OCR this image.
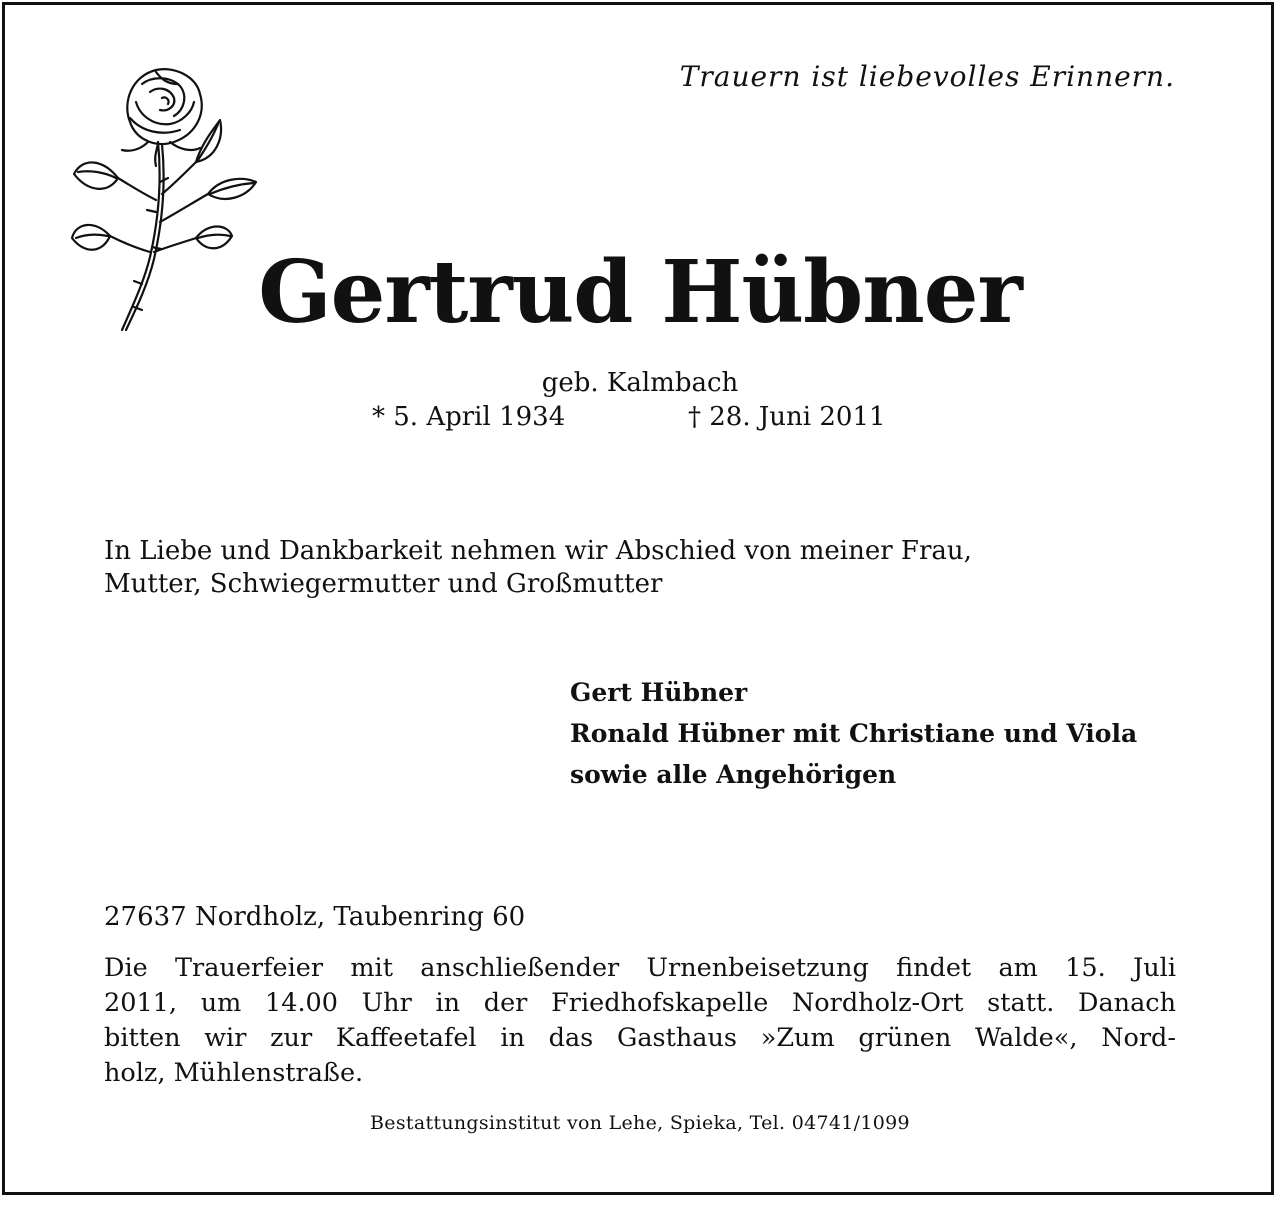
Trauern ist liebevolles Erinnern.
Gertrud Hübner
geb. Kalmbach
* 5. April 1934	† 28. Juni 2011

In Liebe und Dankbarkeit nehmen wir Abschied von meiner Frau,

Mutter, Schwiegermutter und Großmutter

Gert Hübner

Ronald Hübner mit Christiane und Viola

sowie alle Angehörigen

27637 Nordholz, Taubenring 60

Die Trauerfeier mit anschließender Urnenbeisetzung findet am 15. Juli

2011, um 14.00 Uhr in der Friedhofskapelle Nordholz-Ort statt. Danach

bitten wir zur Kaffeetafel in das Gasthaus »Zum grünen Walde«, Nord-

holz, Mühlenstraße.

Bestattungsinstitut von Lehe, Spieka, Tel. 04741/1099
